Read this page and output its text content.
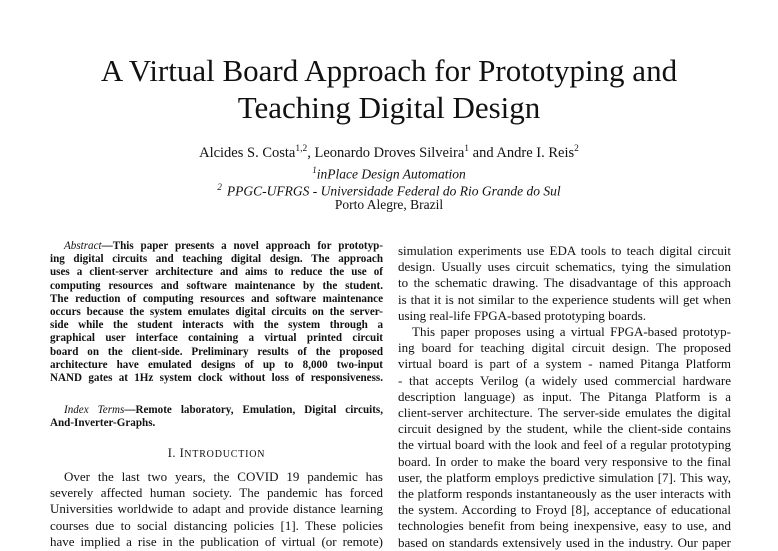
A Virtual Board Approach for Prototyping and
Teaching Digital Design
Alcides S. Costa$^{1,2}$, Leonardo Droves Silveira$^1$ and Andre I. Reis$^2$
$^1$inPlace Design Automation
$^2$ PPGC-UFRGS - Universidade Federal do Rio Grande do Sul
Porto Alegre, Brazil
Abstract—This paper presents a novel approach for prototyp-
ing digital circuits and teaching digital design. The approach
uses a client-server architecture and aims to reduce the use of
computing resources and software maintenance by the student.
The reduction of computing resources and software maintenance
occurs because the system emulates digital circuits on the server-
side while the student interacts with the system through a
graphical user interface containing a virtual printed circuit
board on the client-side. Preliminary results of the proposed
architecture have emulated designs of up to 8,000 two-input
NAND gates at 1Hz system clock without loss of responsiveness.
Index Terms—Remote laboratory, Emulation, Digital circuits,
And-Inverter-Graphs.
I. INTRODUCTION
Over the last two years, the COVID 19 pandemic has
severely affected human society. The pandemic has forced
Universities worldwide to adapt and provide distance learning
courses due to social distancing policies [1]. These policies
have implied a rise in the publication of virtual (or remote)
simulation experiments use EDA tools to teach digital circuit
design. Usually uses circuit schematics, tying the simulation
to the schematic drawing. The disadvantage of this approach
is that it is not similar to the experience students will get when
using real-life FPGA-based prototyping boards.
This paper proposes using a virtual FPGA-based prototyp-
ing board for teaching digital circuit design. The proposed
virtual board is part of a system - named Pitanga Platform
- that accepts Verilog (a widely used commercial hardware
description language) as input. The Pitanga Platform is a
client-server architecture. The server-side emulates the digital
circuit designed by the student, while the client-side contains
the virtual board with the look and feel of a regular prototyping
board. In order to make the board very responsive to the final
user, the platform employs predictive simulation [7]. This way,
the platform responds instantaneously as the user interacts with
the system. According to Froyd [8], acceptance of educational
technologies benefit from being inexpensive, easy to use, and
based on standards extensively used in the industry. Our paper
